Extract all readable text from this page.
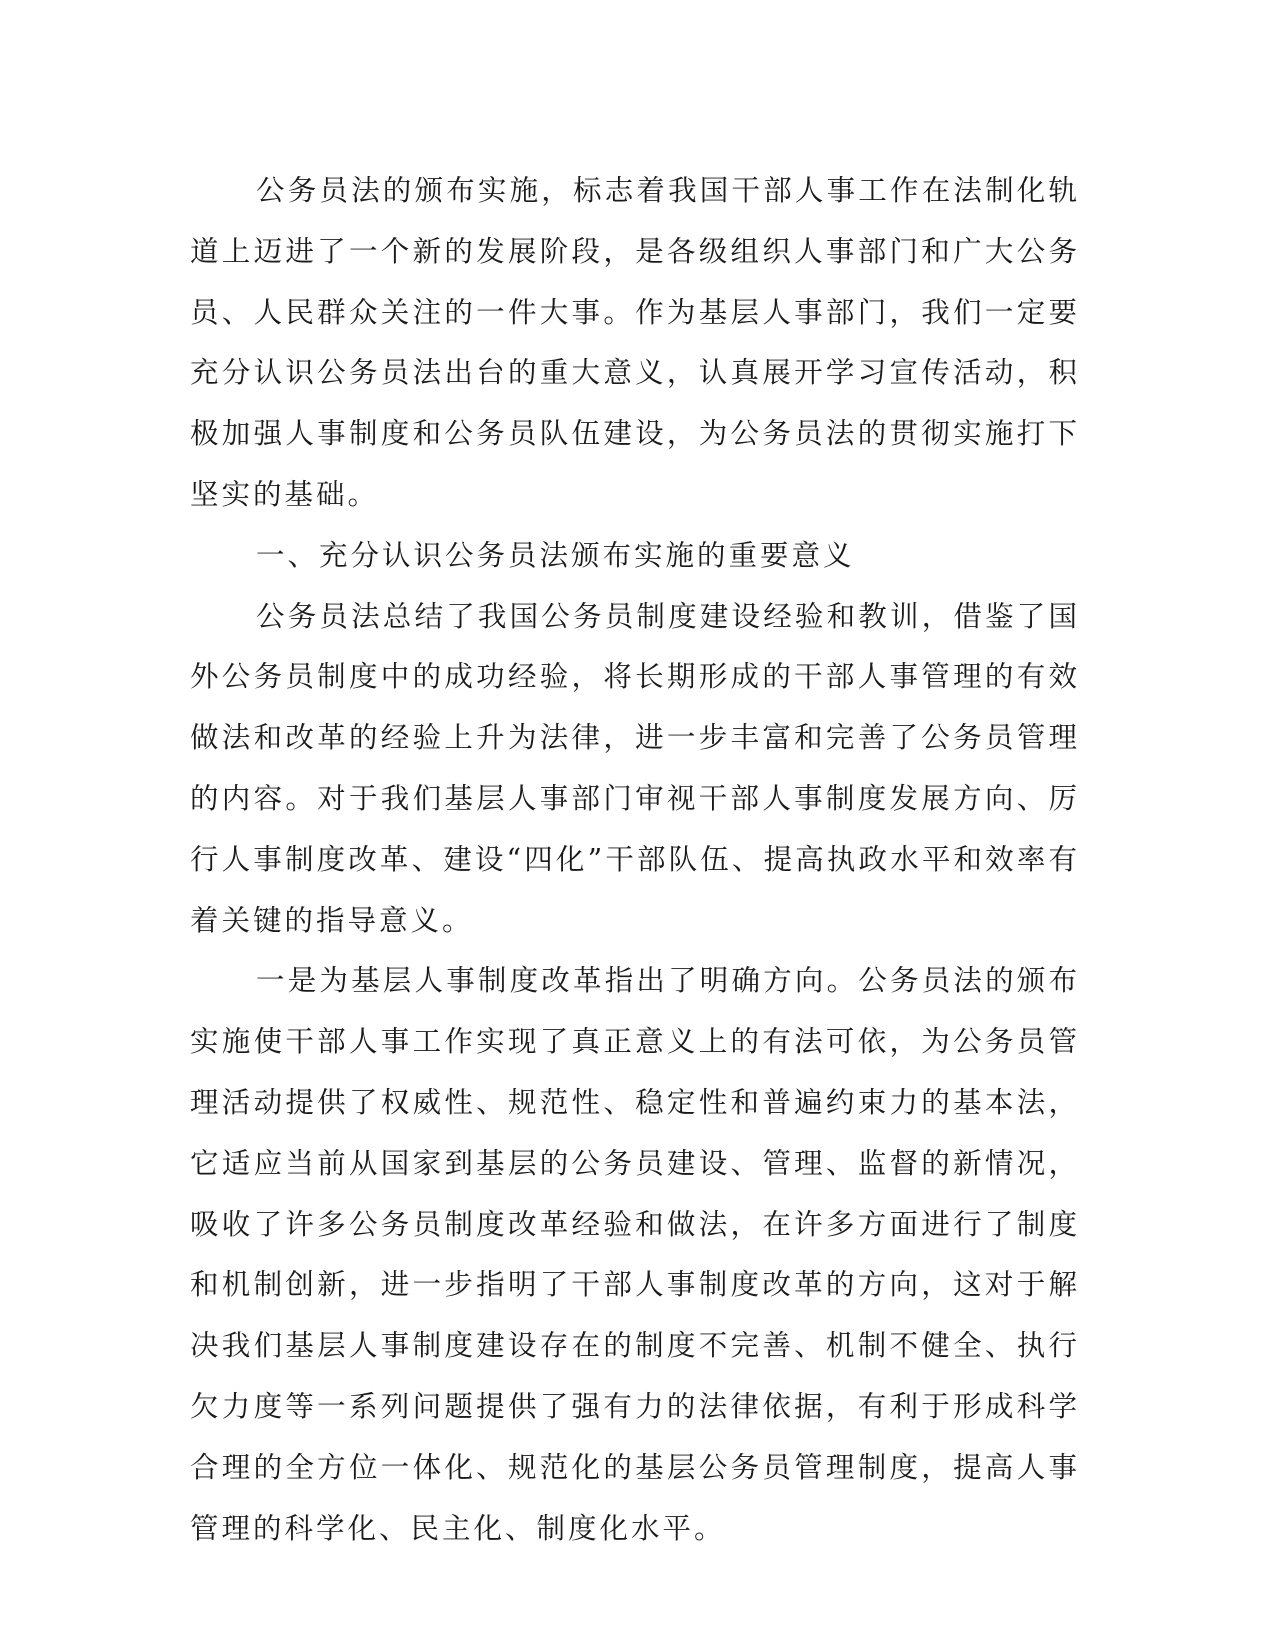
公务员法的颁布实施，标志着我国干部人事工作在法制化轨道上迈进了一个新的发展阶段，是各级组织人事部门和广大公务员、人民群众关注的一件大事。作为基层人事部门，我们一定要充分认识公务员法出台的重大意义，认真展开学习宣传活动，积极加强人事制度和公务员队伍建设，为公务员法的贯彻实施打下坚实的基础。

一、充分认识公务员法颁布实施的重要意义

公务员法总结了我国公务员制度建设经验和教训，借鉴了国外公务员制度中的成功经验，将长期形成的干部人事管理的有效做法和改革的经验上升为法律，进一步丰富和完善了公务员管理的内容。对于我们基层人事部门审视干部人事制度发展方向、厉行人事制度改革、建设“四化”干部队伍、提高执政水平和效率有着关键的指导意义。

一是为基层人事制度改革指出了明确方向。公务员法的颁布实施使干部人事工作实现了真正意义上的有法可依，为公务员管理活动提供了权威性、规范性、稳定性和普遍约束力的基本法，它适应当前从国家到基层的公务员建设、管理、监督的新情况，吸收了许多公务员制度改革经验和做法，在许多方面进行了制度和机制创新，进一步指明了干部人事制度改革的方向，这对于解决我们基层人事制度建设存在的制度不完善、机制不健全、执行欠力度等一系列问题提供了强有力的法律依据，有利于形成科学合理的全方位一体化、规范化的基层公务员管理制度，提高人事管理的科学化、民主化、制度化水平。
